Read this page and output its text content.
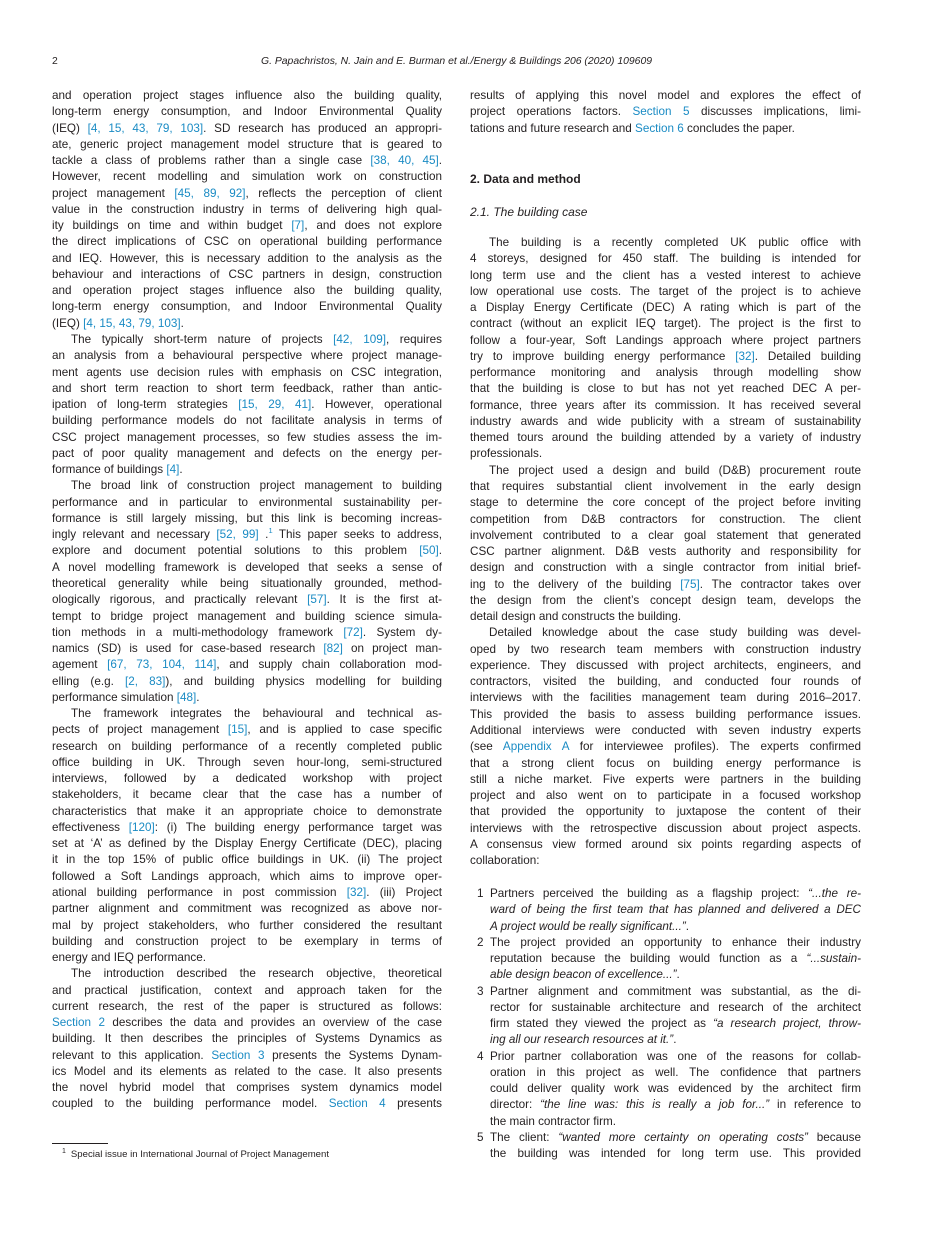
2	G. Papachristos, N. Jain and E. Burman et al./Energy & Buildings 206 (2020) 109609
and operation project stages influence also the building quality,
long-term energy consumption, and Indoor Environmental Quality
(IEQ) [4, 15, 43, 79, 103]. SD research has produced an appropri-
ate, generic project management model structure that is geared to
tackle a class of problems rather than a single case [38, 40, 45].
However, recent modelling and simulation work on construction
project management [45, 89, 92], reflects the perception of client
value in the construction industry in terms of delivering high qual-
ity buildings on time and within budget [7], and does not explore
the direct implications of CSC on operational building performance
and IEQ. However, this is necessary addition to the analysis as the
behaviour and interactions of CSC partners in design, construction
and operation project stages influence also the building quality,
long-term energy consumption, and Indoor Environmental Quality
(IEQ) [4, 15, 43, 79, 103].
The typically short-term nature of projects [42, 109], requires
an analysis from a behavioural perspective where project manage-
ment agents use decision rules with emphasis on CSC integration,
and short term reaction to short term feedback, rather than antic-
ipation of long-term strategies [15, 29, 41]. However, operational
building performance models do not facilitate analysis in terms of
CSC project management processes, so few studies assess the im-
pact of poor quality management and defects on the energy per-
formance of buildings [4].
The broad link of construction project management to building
performance and in particular to environmental sustainability per-
formance is still largely missing, but this link is becoming increas-
ingly relevant and necessary [52, 99] .$^1$ This paper seeks to address,
explore and document potential solutions to this problem [50].
A novel modelling framework is developed that seeks a sense of
theoretical generality while being situationally grounded, method-
ologically rigorous, and practically relevant [57]. It is the first at-
tempt to bridge project management and building science simula-
tion methods in a multi-methodology framework [72]. System dy-
namics (SD) is used for case-based research [82] on project man-
agement [67, 73, 104, 114], and supply chain collaboration mod-
elling (e.g. [2, 83]), and building physics modelling for building
performance simulation [48].
The framework integrates the behavioural and technical as-
pects of project management [15], and is applied to case specific
research on building performance of a recently completed public
office building in UK. Through seven hour-long, semi-structured
interviews, followed by a dedicated workshop with project
stakeholders, it became clear that the case has a number of
characteristics that make it an appropriate choice to demonstrate
effectiveness [120]: (i) The building energy performance target was
set at ‘A’ as defined by the Display Energy Certificate (DEC), placing
it in the top 15% of public office buildings in UK. (ii) The project
followed a Soft Landings approach, which aims to improve oper-
ational building performance in post commission [32]. (iii) Project
partner alignment and commitment was recognized as above nor-
mal by project stakeholders, who further considered the resultant
building and construction project to be exemplary in terms of
energy and IEQ performance.
The introduction described the research objective, theoretical
and practical justification, context and approach taken for the
current research, the rest of the paper is structured as follows:
Section 2 describes the data and provides an overview of the case
building. It then describes the principles of Systems Dynamics as
relevant to this application. Section 3 presents the Systems Dynam-
ics Model and its elements as related to the case. It also presents
the novel hybrid model that comprises system dynamics model
coupled to the building performance model. Section 4 presents
results of applying this novel model and explores the effect of
project operations factors. Section 5 discusses implications, limi-
tations and future research and Section 6 concludes the paper.
2. Data and method
2.1. The building case
The building is a recently completed UK public office with
4 storeys, designed for 450 staff. The building is intended for
long term use and the client has a vested interest to achieve
low operational use costs. The target of the project is to achieve
a Display Energy Certificate (DEC) A rating which is part of the
contract (without an explicit IEQ target). The project is the first to
follow a four-year, Soft Landings approach where project partners
try to improve building energy performance [32]. Detailed building
performance monitoring and analysis through modelling show
that the building is close to but has not yet reached DEC A per-
formance, three years after its commission. It has received several
industry awards and wide publicity with a stream of sustainability
themed tours around the building attended by a variety of industry
professionals.
The project used a design and build (D&B) procurement route
that requires substantial client involvement in the early design
stage to determine the core concept of the project before inviting
competition from D&B contractors for construction. The client
involvement contributed to a clear goal statement that generated
CSC partner alignment. D&B vests authority and responsibility for
design and construction with a single contractor from initial brief-
ing to the delivery of the building [75]. The contractor takes over
the design from the client’s concept design team, develops the
detail design and constructs the building.
Detailed knowledge about the case study building was devel-
oped by two research team members with construction industry
experience. They discussed with project architects, engineers, and
contractors, visited the building, and conducted four rounds of
interviews with the facilities management team during 2016–2017.
This provided the basis to assess building performance issues.
Additional interviews were conducted with seven industry experts
(see Appendix A for interviewee profiles). The experts confirmed
that a strong client focus on building energy performance is
still a niche market. Five experts were partners in the building
project and also went on to participate in a focused workshop
that provided the opportunity to juxtapose the content of their
interviews with the retrospective discussion about project aspects.
A consensus view formed around six points regarding aspects of
collaboration:
1 Partners perceived the building as a flagship project: “...the re-
ward of being the first team that has planned and delivered a DEC
A project would be really significant...”.
2 The project provided an opportunity to enhance their industry
reputation because the building would function as a “...sustain-
able design beacon of excellence...”.
3 Partner alignment and commitment was substantial, as the di-
rector for sustainable architecture and research of the architect
firm stated they viewed the project as “a research project, throw-
ing all our research resources at it.”.
4 Prior partner collaboration was one of the reasons for collab-
oration in this project as well. The confidence that partners
could deliver quality work was evidenced by the architect firm
director: “the line was: this is really a job for...” in reference to
the main contractor firm.
5 The client: “wanted more certainty on operating costs” because
the building was intended for long term use. This provided
$^1$ Special issue in International Journal of Project Management
